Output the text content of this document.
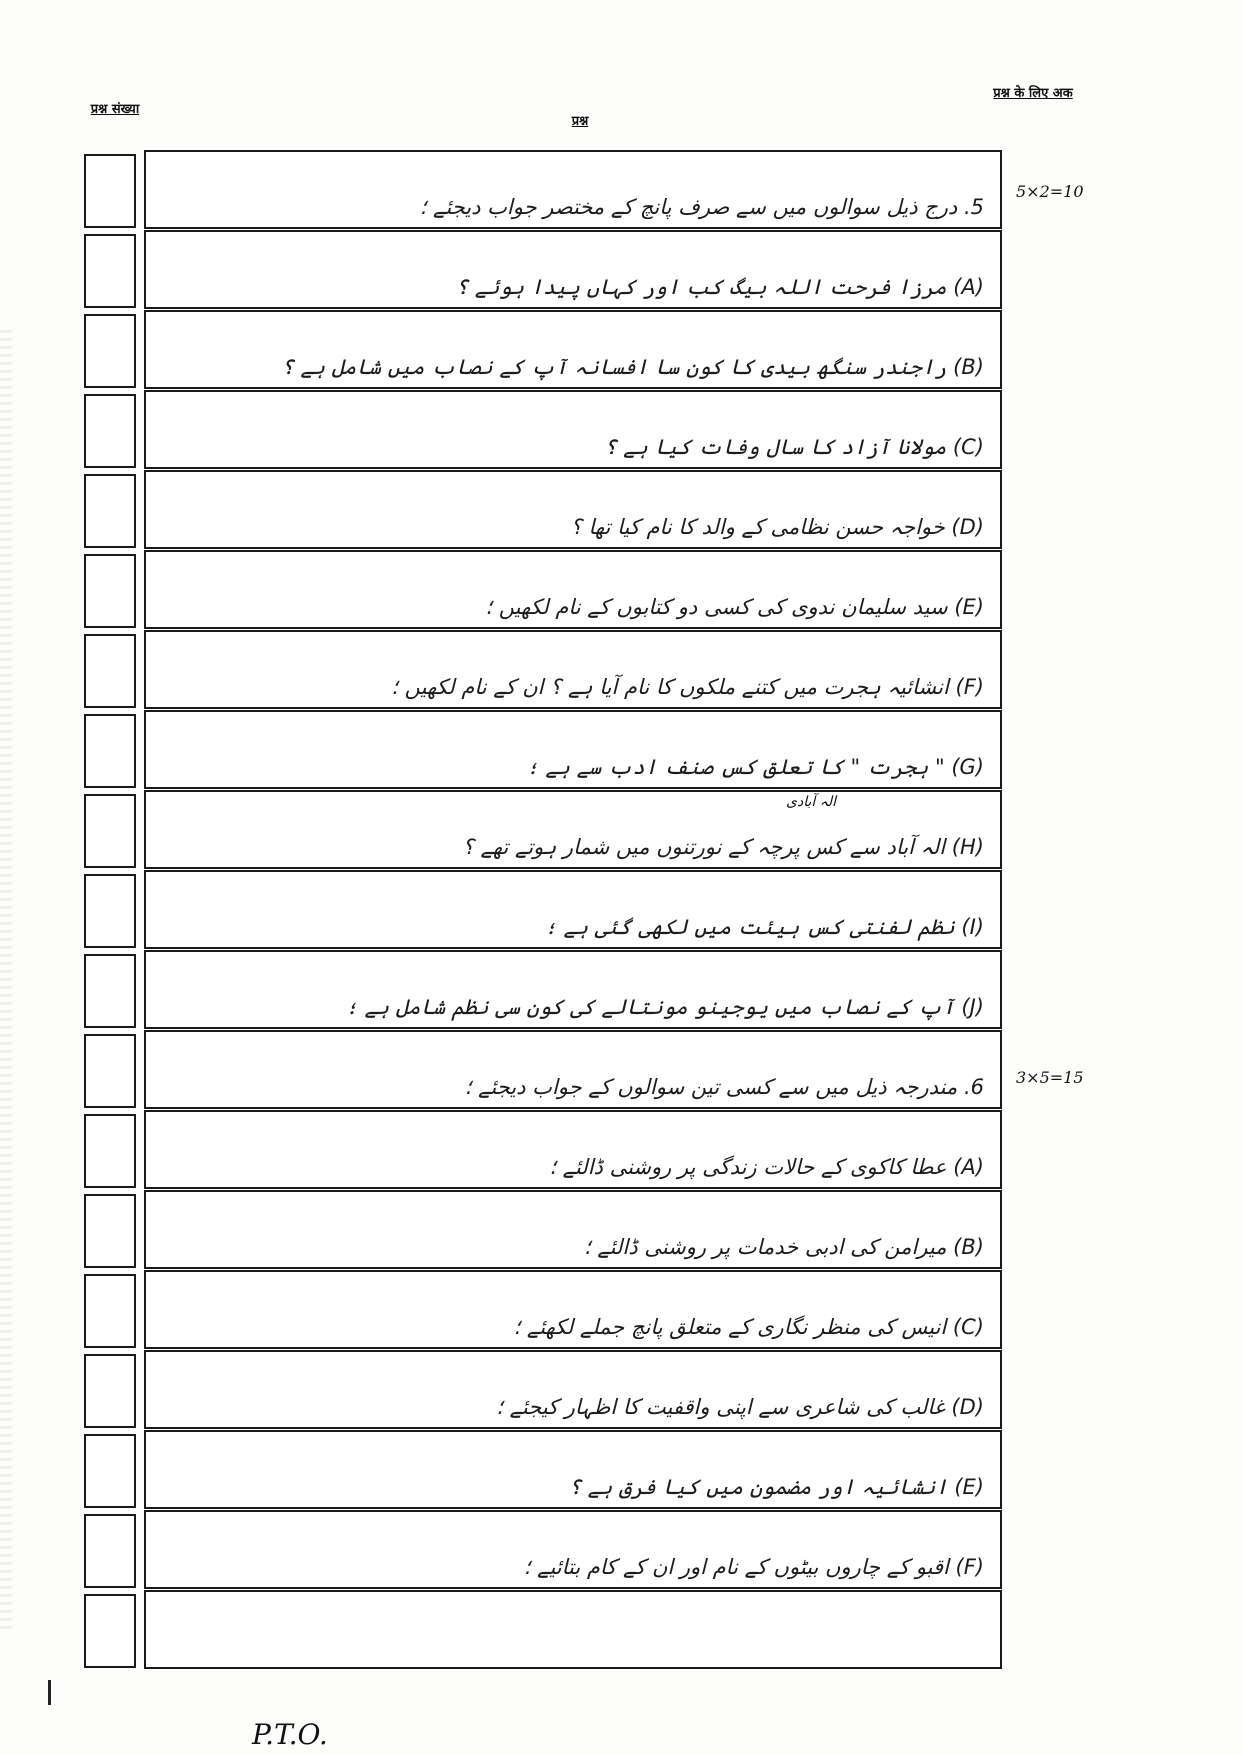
प्रश्न संख्या
प्रश्न
प्रश्न के लिए अक
5. درج ذیل سوالوں میں سے صرف پانچ کے مختصر جواب دیجئے ؛
(A) مرزا فرحت اللہ بیگ کب اور کہاں پیدا ہوئے ؟
(B) راجندر سنگھ بیدی کا کون سا افسانہ آپ کے نصاب میں شامل ہے ؟
(C) مولانا آزاد کا سال وفات کیا ہے ؟
(D) خواجہ حسن نظامی کے والد کا نام کیا تھا ؟
(E) سید سلیمان ندوی کی کسی دو کتابوں کے نام لکھیں ؛
(F) انشائیہ ہجرت میں کتنے ملکوں کا نام آیا ہے ؟ ان کے نام لکھیں ؛
(G) " ہجرت " کا تعلق کس صنف ادب سے ہے ؛
الہ آبادی
(H) الہ آباد سے کس پرچہ کے نورتنوں میں شمار ہوتے تھے ؟
(I) نظم لفنتی کس ہیئت میں لکھی گئی ہے ؛
(J) آپ کے نصاب میں یوجینو مونتالے کی کون سی نظم شامل ہے ؛
6. مندرجہ ذیل میں سے کسی تین سوالوں کے جواب دیجئے ؛
(A) عطا کاکوی کے حالات زندگی پر روشنی ڈالئے ؛
(B) میرامن کی ادبی خدمات پر روشنی ڈالئے ؛
(C) انیس کی منظر نگاری کے متعلق پانچ جملے لکھئے ؛
(D) غالب کی شاعری سے اپنی واقفیت کا اظہار کیجئے ؛
(E) انشائیہ اور مضمون میں کیا فرق ہے ؟
(F) اقبو کے چاروں بیٹوں کے نام اور ان کے کام بتائیے ؛
5×2=10
3×5=15
P.T.O.
